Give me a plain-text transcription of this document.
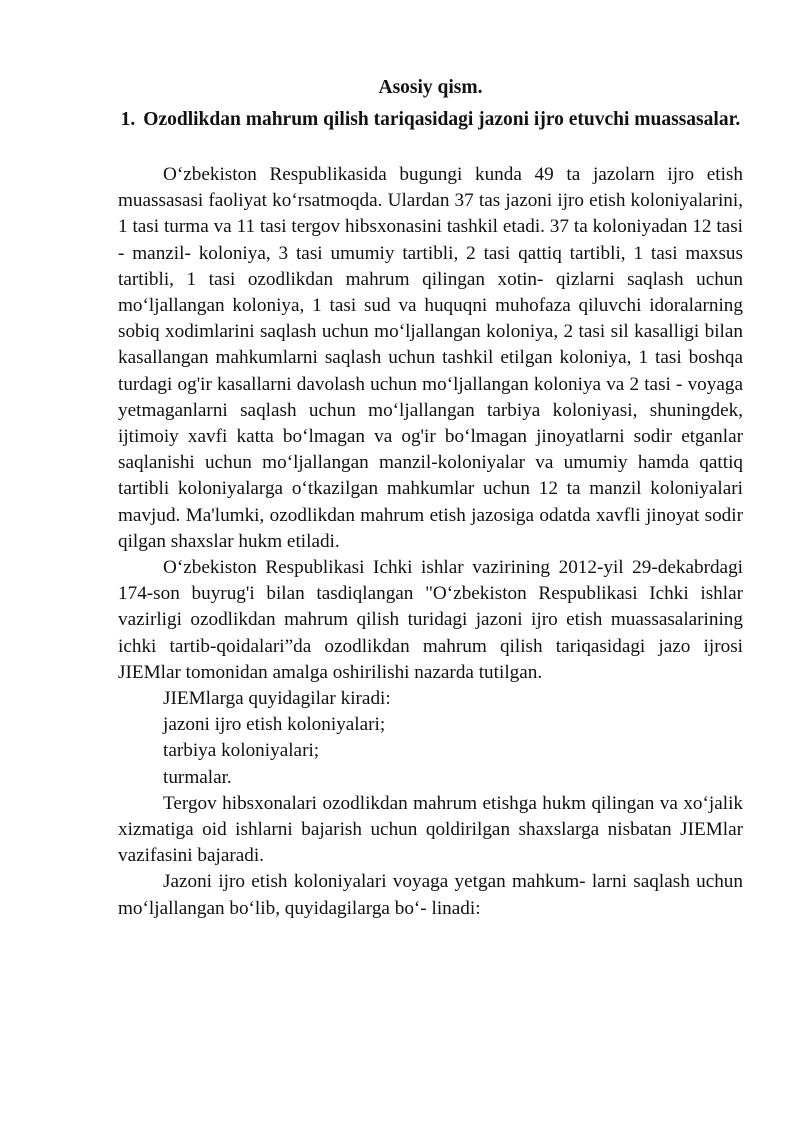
Asosiy qism.
1. Ozodlikdan mahrum qilish tariqasidagi jazoni ijro etuvchi muassasalar.

O‘zbekiston Respublikasida bugungi kunda 49 ta jazolarn ijro etish muassasasi faoliyat ko‘rsatmoqda. Ulardan 37 tas jazoni ijro etish koloniyalarini, 1 tasi turma va 11 tasi tergov hibsxonasini tashkil etadi. 37 ta koloniyadan 12 tasi - manzil- koloniya, 3 tasi umumiy tartibli, 2 tasi qattiq tartibli, 1 tasi maxsus tartibli, 1 tasi ozodlikdan mahrum qilingan xotin- qizlarni saqlash uchun mo‘ljallangan koloniya, 1 tasi sud va huquqni muhofaza qiluvchi idoralarning sobiq xodimlarini saqlash uchun mo‘ljallangan koloniya, 2 tasi sil kasalligi bilan kasallangan mahkumlarni saqlash uchun tashkil etilgan koloniya, 1 tasi boshqa turdagi og'ir kasallarni davolash uchun mo‘ljallangan koloniya va 2 tasi - voyaga yetmaganlarni saqlash uchun mo‘ljallangan tarbiya koloniyasi, shuningdek, ijtimoiy xavfi katta bo‘lmagan va og'ir bo‘lmagan jinoyatlarni sodir etganlar saqlanishi uchun mo‘ljallangan manzil-koloniyalar va umumiy hamda qattiq tartibli koloniyalarga o‘tkazilgan mahkumlar uchun 12 ta manzil koloniyalari mavjud. Ma'lumki, ozodlikdan mahrum etish jazosiga odatda xavfli jinoyat sodir qilgan shaxslar hukm etiladi.

O‘zbekiston Respublikasi Ichki ishlar vazirining 2012-yil 29-dekabrdagi 174-son buyrug'i bilan tasdiqlangan "O‘zbekiston Respublikasi Ichki ishlar vazirligi ozodlikdan mahrum qilish turidagi jazoni ijro etish muassasalarining ichki tartib-qoidalari”da ozodlikdan mahrum qilish tariqasidagi jazo ijrosi JIEMlar tomonidan amalga oshirilishi nazarda tutilgan.

JIEMlarga quyidagilar kiradi:

jazoni ijro etish koloniyalari;

tarbiya koloniyalari;

turmalar.

Tergov hibsxonalari ozodlikdan mahrum etishga hukm qilingan va xo‘jalik xizmatiga oid ishlarni bajarish uchun qoldirilgan shaxslarga nisbatan JIEMlar vazifasini bajaradi.

Jazoni ijro etish koloniyalari voyaga yetgan mahkum- larni saqlash uchun mo‘ljallangan bo‘lib, quyidagilarga bo‘- linadi:
